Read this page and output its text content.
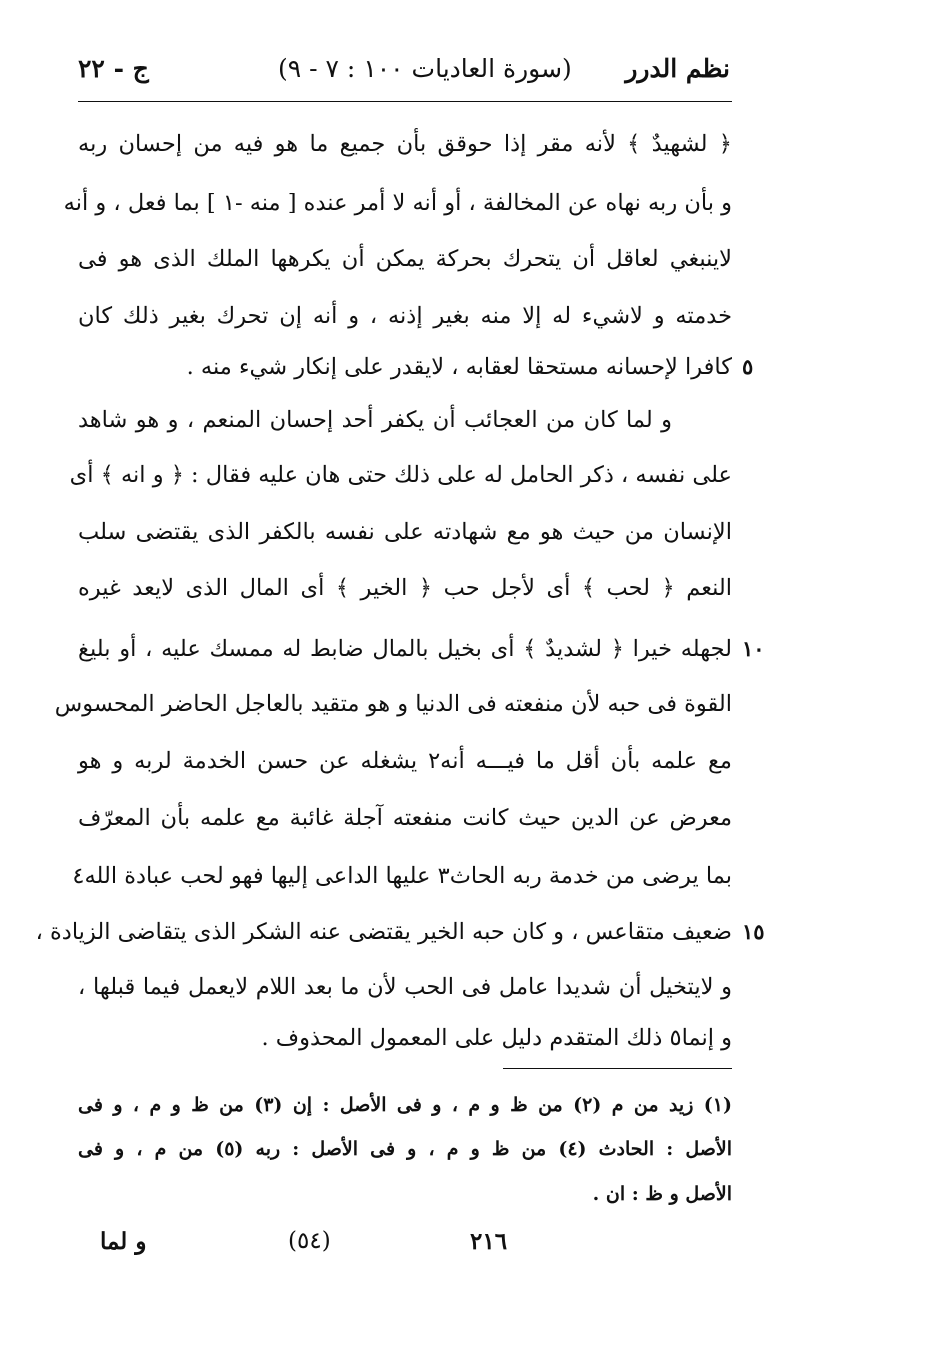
نظم الدرر
(سورة العاديات ١٠٠ : ٧ - ٩)
ج - ٢٢
﴿ لشهيدٌ ﴾ لأنه مقر إذا حوقق بأن جميع ما هو فيه من إحسان ربه
و بأن ربه نهاه عن المخالفة ، أو أنه لا أمر عنده [ منه -١ ] بما فعل ، و أنه
لاينبغي لعاقل أن يتحرك بحركة يمكن أن يكرهها الملك الذى هو فى
خدمته و لاشيء له إلا منه بغير إذنه ، و أنه إن تحرك بغير ذلك كان
كافرا لإحسانه مستحقا لعقابه ، لايقدر على إنكار شيء منه . ٥
و لما كان من العجائب أن يكفر أحد إحسان المنعم ، و هو شاهد
على نفسه ، ذكر الحامل له على ذلك حتى هان عليه فقال : ﴿ و انه ﴾ أى
الإنسان من حيث هو مع شهادته على نفسه بالكفر الذى يقتضى سلب
النعم ﴿ لحب ﴾ أى لأجل حب ﴿ الخير ﴾ أى المال الذى لايعد غيره
لجهله خيرا ﴿ لشديدٌ ﴾ أى بخيل بالمال ضابط له ممسك عليه ، أو بليغ ١٠
القوة فى حبه لأن منفعته فى الدنيا و هو متقيد بالعاجل الحاضر المحسوس
مع علمه بأن أقل ما فيـــه أنه٢ يشغله عن حسن الخدمة لربه و هو
معرض عن الدين حيث كانت منفعته آجلة غائبة مع علمه بأن المعرّف
بما يرضى من خدمة ربه الحاث٣ عليها الداعى إليها فهو لحب عبادة الله٤
ضعيف متقاعس ، و كان حبه الخير يقتضى عنه الشكر الذى يتقاضى الزيادة ، ١٥
و لايتخيل أن شديدا عامل فى الحب لأن ما بعد اللام لايعمل فيما قبلها ،
و إنما٥ ذلك المتقدم دليل على المعمول المحذوف .
(١) زيد من م (٢) من ظ و م ، و فى الأصل : إن (٣) من ظ و م ، و فى
الأصل : الحادث (٤) من ظ و م ، و فى الأصل : ربه (٥) من م ، و فى
الأصل و ظ : ان .
و لما	(٥٤)	٢١٦
